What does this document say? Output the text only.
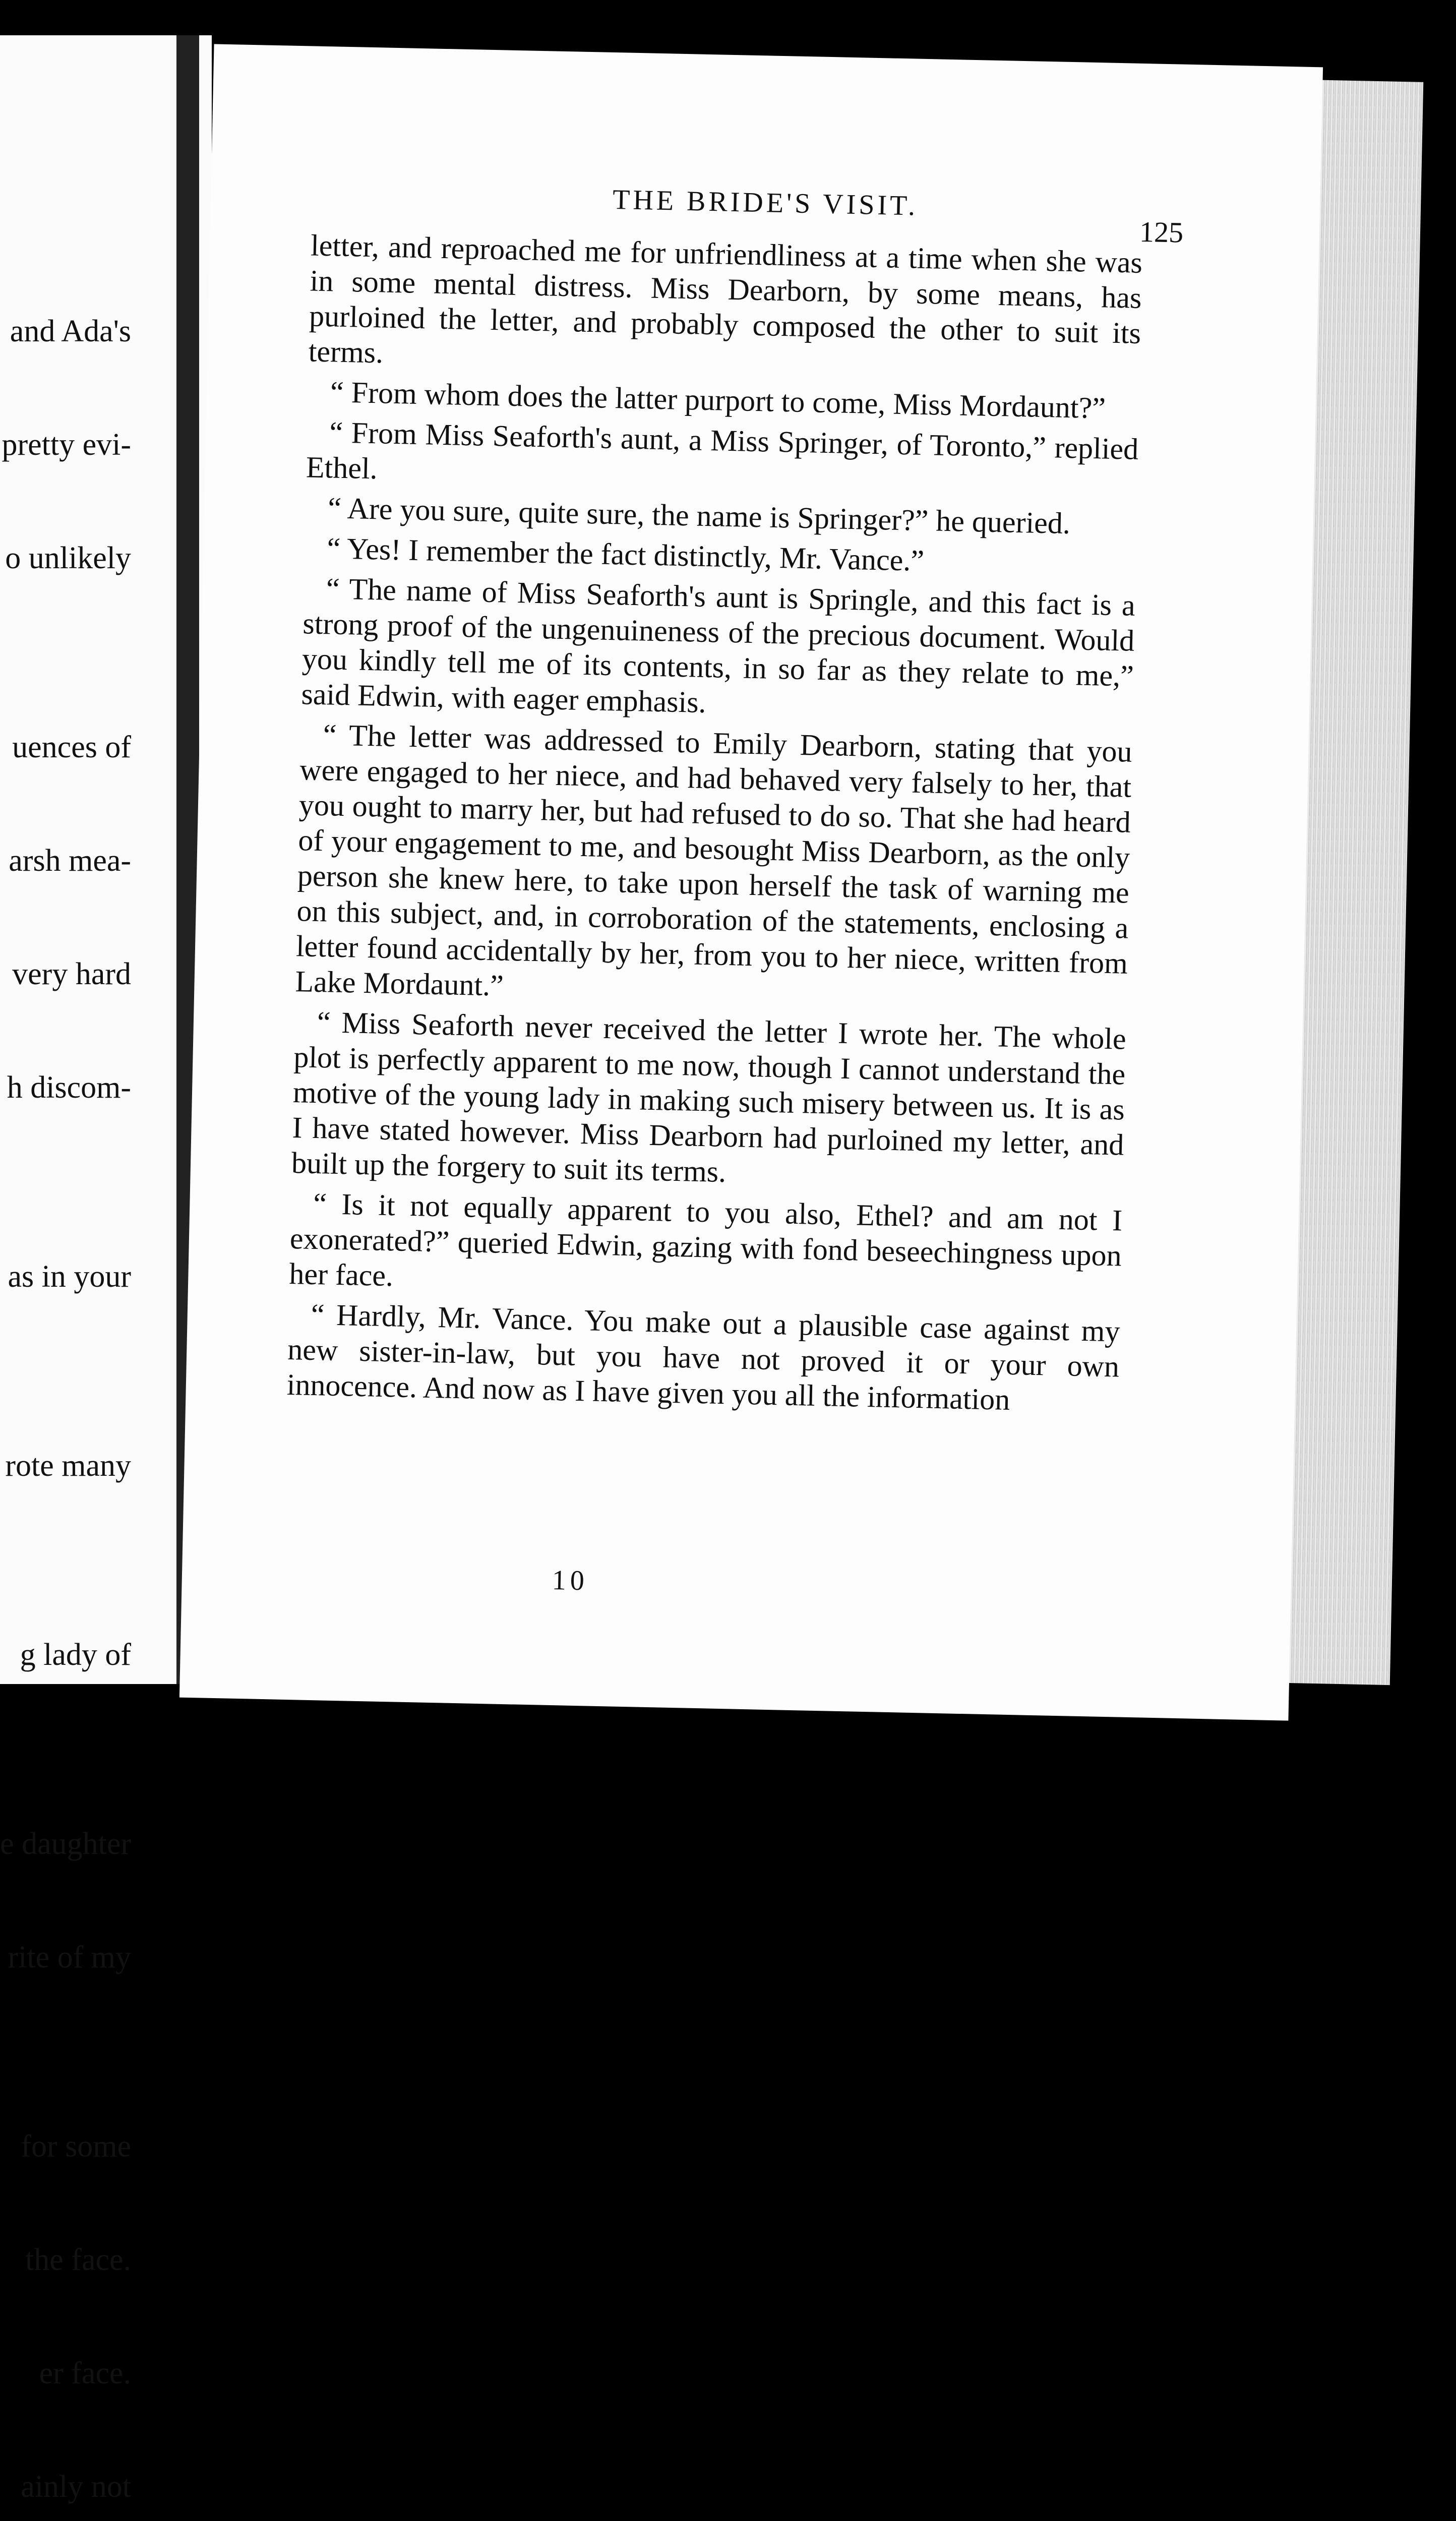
and Ada's

pretty evi-

o unlikely

uences of

arsh mea-

very hard

h discom-

as in your

rote many

g lady of

e daughter

rite of my

for some

the face.

er face.

ainly not

THE BRIDE'S VISIT.
125

letter, and reproached me for unfriendliness at a time when she was in some mental distress. Miss Dearborn, by some means, has purloined the letter, and probably composed the other to suit its terms.

“ From whom does the latter purport to come, Miss Mordaunt?”

“ From Miss Seaforth's aunt, a Miss Springer, of Toronto,” replied Ethel.

“ Are you sure, quite sure, the name is Springer?” he queried.

“ Yes! I remember the fact distinctly, Mr. Vance.”

“ The name of Miss Seaforth's aunt is Springle, and this fact is a strong proof of the ungenuineness of the precious document. Would you kindly tell me of its contents, in so far as they relate to me,” said Edwin, with eager emphasis.

“ The letter was addressed to Emily Dearborn, stating that you were engaged to her niece, and had behaved very falsely to her, that you ought to marry her, but had refused to do so. That she had heard of your engagement to me, and besought Miss Dearborn, as the only person she knew here, to take upon herself the task of warning me on this subject, and, in corroboration of the statements, enclosing a letter found accidentally by her, from you to her niece, written from Lake Mordaunt.”

“ Miss Seaforth never received the letter I wrote her. The whole plot is perfectly apparent to me now, though I cannot understand the motive of the young lady in making such misery between us. It is as I have stated however. Miss Dearborn had purloined my letter, and built up the forgery to suit its terms.

“ Is it not equally apparent to you also, Ethel? and am not I exonerated?” queried Edwin, gazing with fond beseechingness upon her face.

“ Hardly, Mr. Vance. You make out a plausible case against my new sister-in-law, but you have not proved it or your own innocence. And now as I have given you all the information

10
